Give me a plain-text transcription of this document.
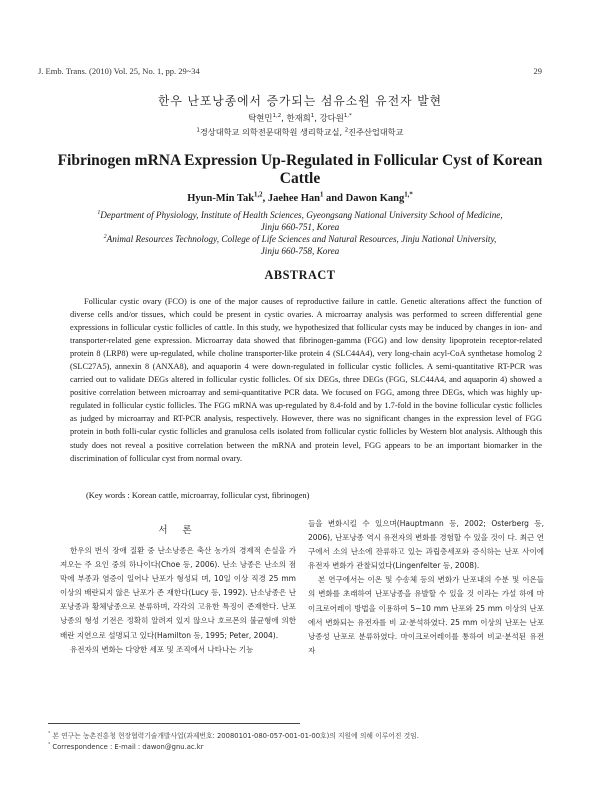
J. Emb. Trans. (2010) Vol. 25, No. 1, pp. 29~34	29
한우 난포낭종에서 증가되는 섬유소원 유전자 발현
탁현민$^{1,2}$, 한재희$^1$, 강다원$^{1,*}$
$^1$경상대학교 의학전문대학원 생리학교실, $^2$진주산업대학교
Fibrinogen mRNA Expression Up-Regulated in Follicular Cyst of Korean Cattle
Hyun-Min Tak$^{1,2}$, Jaehee Han$^1$ and Dawon Kang$^{1,*}$
$^1$Department of Physiology, Institute of Health Sciences, Gyeongsang National University School of Medicine,
Jinju 660-751, Korea
$^2$Animal Resources Technology, College of Life Sciences and Natural Resources, Jinju National University,
Jinju 660-758, Korea
ABSTRACT

Follicular cystic ovary (FCO) is one of the major causes of reproductive failure in cattle. Genetic alterations affect the function of diverse cells and/or tissues, which could be present in cystic ovaries. A microarray analysis was performed to screen differential gene expressions in follicular cystic follicles of cattle. In this study, we hypothesized that follicular cysts may be induced by changes in ion- and transporter-related gene expression. Microarray data showed that fibrinogen-gamma (FGG) and low density lipoprotein receptor-related protein 8 (LRP8) were up-regulated, while choline transporter-like protein 4 (SLC44A4), very long-chain acyl-CoA synthetase homolog 2 (SLC27A5), annexin 8 (ANXA8), and aquaporin 4 were down-regulated in follicular cystic follicles. A semi-quantitative RT-PCR was carried out to validate DEGs altered in follicular cystic follicles. Of six DEGs, three DEGs (FGG, SLC44A4, and aquaporin 4) showed a positive correlation between microarray and semi-quantitative PCR data. We focused on FGG, among three DEGs, which was highly up-regulated in follicular cystic follicles. The FGG mRNA was up-regulated by 8.4-fold and by 1.7-fold in the bovine follicular cystic follicles as judged by microarray and RT-PCR analysis, respectively. However, there was no significant changes in the expression level of FGG protein in both folli-cular cystic follicles and granulosa cells isolated from follicular cystic follicles by Western blot analysis. Although this study does not reveal a positive correlation between the mRNA and protein level, FGG appears to be an important biomarker in the discrimination of follicular cyst from normal ovary.

(Key words : Korean cattle, microarray, follicular cyst, fibrinogen)
서 론

한우의 번식 장애 질환 중 난소낭종은 축산 농가의 경제적 손실을 가져오는 주 요인 중의 하나이다(Choe 등, 2006). 난소 낭종은 난소의 점막에 부종과 염증이 일어나 난포가 형성되 며, 10일 이상 직경 25 mm 이상의 배란되지 않은 난포가 존 재한다(Lucy 등, 1992). 난소낭종은 난포낭종과 황체낭종으로 분류하며, 각각의 고유한 특징이 존재한다. 난포낭종의 형성 기전은 정확히 알려져 있지 않으나 호르몬의 불균형에 의한 배란 지연으로 설명되고 있다(Hamilton 등, 1995; Peter, 2004).

유전자의 변화는 다양한 세포 및 조직에서 나타나는 기능

들을 변화시킬 수 있으며(Hauptmann 등, 2002; Osterberg 등, 2006), 난포낭종 역시 유전자의 변화를 경험할 수 있을 것이 다. 최근 연구에서 소의 난소에 잔류하고 있는 과립층세포와 증식하는 난포 사이에 유전자 변화가 관찰되었다(Lingenfelter 등, 2008).

본 연구에서는 이온 및 수송체 등의 변화가 난포내의 수분 및 이온들의 변화를 초래하여 난포낭종을 유발할 수 있을 것 이라는 가설 하에 마이크로어레이 방법을 이용하여 5~10 mm 난포와 25 mm 이상의 난포에서 변화되는 유전자를 비 교·분석하였다. 25 mm 이상의 난포는 난포낭종성 난포로 분류하였다. 마이크로어레이를 통하여 비교·분석된 유전자

* 본 연구는 농촌진흥청 현장협력기술개발사업(과제번호: 20080101-080-057-001-01-00호)의 지원에 의해 이루어진 것임.
* Correspondence : E-mail : dawon@gnu.ac.kr
